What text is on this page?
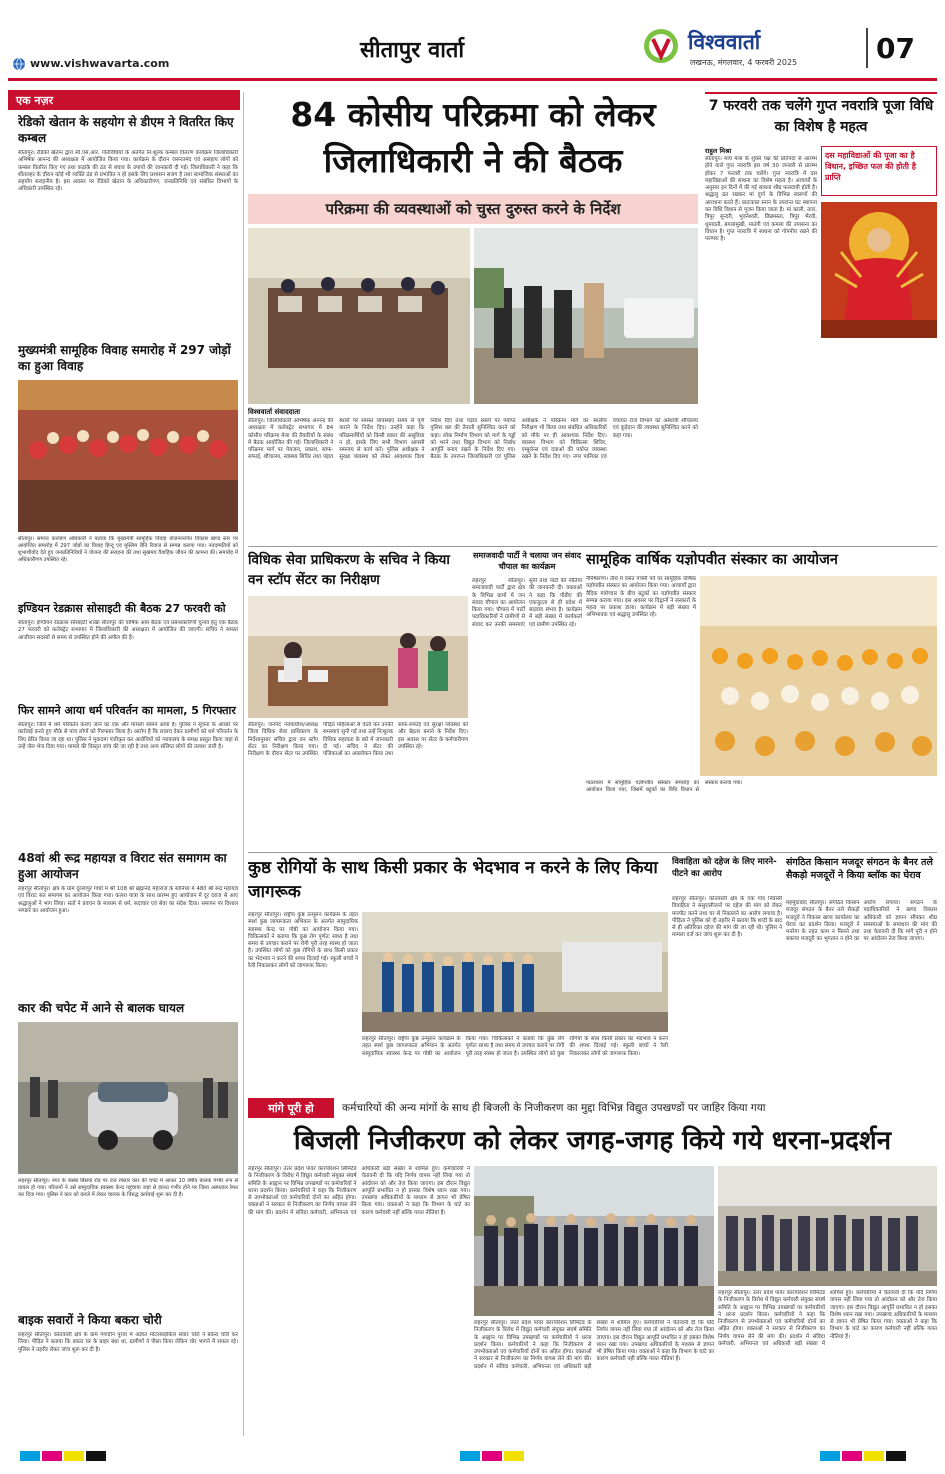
www.vishwavarta.com
सीतापुर वार्ता	विश्ववार्ता
लखनऊ, मंगलवार, 4 फरवरी 2025	07
एक नज़र
रेडिको खेतान के सहयोग से डीएम ने वितरित किए कम्बल
सीतापुर। रेडिको खेतान द्वारा सी.एस.आर. गतिविधियों के अंतर्गत नि:शुल्क कम्बल वितरण कार्यक्रम जिलाधिकारी अभिषेक आनन्द की अध्यक्षता में आयोजित किया गया। कार्यक्रम के दौरान जरूरतमंद एवं असहाय लोगों को कम्बल वितरित किए गए तथा कड़ाके की ठंड से बचाव के उपायों की जानकारी दी गई। जिलाधिकारी ने कहा कि शीतलहर के दौरान कोई भी व्यक्ति ठंड से प्रभावित न हो इसके लिए प्रशासन सजग है तथा सामाजिक संस्थाओं का सहयोग सराहनीय है। इस अवसर पर रेडिको खेतान के अधिकारीगण, जनप्रतिनिधि एवं संबंधित विभागों के अधिकारी उपस्थित रहे।
मुख्यमंत्री सामूहिक विवाह समारोह में 297 जोड़ों का हुआ विवाह
सीतापुर। समाज कल्याण अधिकारी ने बताया कि मुख्यमंत्री सामूहिक विवाह योजनान्तर्गत विकास खण्ड स्तर पर आयोजित समारोह में 297 जोड़ों का विवाह हिन्दू एवं मुस्लिम रीति रिवाज से सम्पन्न कराया गया। नवदम्पतियों को शुभाशीर्वाद देते हुए जनप्रतिनिधियों ने योजना की सराहना की तथा सुखमय वैवाहिक जीवन की कामना की। समारोह में अधिकारीगण उपस्थित रहे।
इण्डियन रेडक्रास सोसाइटी की बैठक 27 फरवरी को
सीतापुर। इण्डियन रेडक्रास सोसाइटी शाखा सीतापुर की वार्षिक आम बैठक एवं प्रबन्धकारिणी चुनाव हेतु एक बैठक 27 फरवरी को कलेक्ट्रेट सभागार में जिलाधिकारी की अध्यक्षता में आयोजित की जाएगी। सचिव ने समस्त आजीवन सदस्यों से समय से उपस्थित होने की अपील की है।
फिर सामने आया धर्म परिवर्तन का मामला, 5 गिरफ्तार
सीतापुर। जिले में धर्म परिवर्तन कराए जाने का एक और मामला सामने आया है। पुलिस ने सूचना के आधार पर कार्रवाई करते हुए मौके से पांच लोगों को गिरफ्तार किया है। आरोप है कि लालच देकर ग्रामीणों को धर्म परिवर्तन के लिए प्रेरित किया जा रहा था। पुलिस ने मुकदमा पंजीकृत कर आरोपियों को न्यायालय के समक्ष प्रस्तुत किया जहां से उन्हें जेल भेज दिया गया। मामले की विस्तृत जांच की जा रही है तथा अन्य संलिप्त लोगों की तलाश जारी है।
48वां श्री रूद्र महायज्ञ व विराट संत समागम का हुआ आयोजन
लहरपुर सीतापुर। क्षेत्र के ग्राम दुल्लापुर गांधी में श्री 108 श्री ब्रह्मानंद महाराज के सानिध्य में 48वें श्री रूद्र महायज्ञ एवं विराट संत समागम का आयोजन किया गया। कलश यात्रा के साथ प्रारम्भ हुए आयोजन में दूर दराज से आए श्रद्धालुओं ने भाग लिया। संतों ने प्रवचन के माध्यम से धर्म, सदाचार एवं सेवा का संदेश दिया। समापन पर विशाल भण्डारे का आयोजन हुआ।
कार की चपेट में आने से बालक घायल
लहरपुर सीतापुर। नगर के कस्बा बिसवां रोड पर तेज रफ्तार कार की चपेट में आकर 10 वर्षीय बालक गंभीर रूप से घायल हो गया। परिजनों ने उसे सामुदायिक स्वास्थ्य केन्द्र पहुंचाया जहां से हालत गंभीर होने पर जिला अस्पताल रेफर कर दिया गया। पुलिस ने कार को कब्जे में लेकर चालक के विरुद्ध कार्रवाई शुरू कर दी है।
बाइक सवारों ने किया बकरा चोरी
लहरपुर सीतापुर। कोतवाली क्षेत्र के ग्राम गंगादीन पुरवा में अज्ञात मोटरसाइकिल सवार चोरों ने बकरा चोरी कर लिया। पीड़ित ने बताया कि बकरा घर के बाहर बंधा था, ग्रामीणों ने पीछा किया लेकिन चोर भागने में सफल रहे। पुलिस ने तहरीर लेकर जांच शुरू कर दी है।
84 कोसीय परिक्रमा को लेकर जिलाधिकारी ने की बैठक
परिक्रमा की व्यवस्थाओं को चुस्त दुरुस्त करने के निर्देश
विश्ववार्ता संवाददाता
सीतापुर। जिलाधिकारी अभिषेक आनन्द की अध्यक्षता में कलेक्ट्रेट सभागार में 84 कोसीय परिक्रमा मेला की तैयारियों के संबंध में बैठक आयोजित की गई। जिलाधिकारी ने परिक्रमा मार्ग पर पेयजल, प्रकाश, साफ-सफाई, शौचालय, स्वास्थ्य शिविर तथा पड़ाव स्थलों पर समस्त व्यवस्थाएं समय से पूर्ण कराने के निर्देश दिए। उन्होंने कहा कि परिक्रमार्थियों को किसी प्रकार की असुविधा न हो, इसके लिए सभी विभाग आपसी समन्वय से कार्य करें। पुलिस अधीक्षक ने सुरक्षा व्यवस्था को लेकर आवश्यक दिशा निर्देश दिए तथा पड़ाव स्थलों पर पर्याप्त पुलिस बल की तैनाती सुनिश्चित करने को कहा। लोक निर्माण विभाग को मार्ग के गड्ढों को भरने तथा विद्युत विभाग को निर्बाध आपूर्ति बनाए रखने के निर्देश दिए गए। बैठक के उपरान्त जिलाधिकारी एवं पुलिस अधीक्षक ने परिक्रमा मार्ग का स्थलीय निरीक्षण भी किया तथा संबंधित अधिकारियों को मौके पर ही आवश्यक निर्देश दिए। स्वास्थ्य विभाग को चिकित्सा शिविर, एम्बुलेन्स एवं दवाओं की पर्याप्त व्यवस्था रखने के निर्देश दिए गए। नगर पालिका एवं पंचायत राज विभाग को अस्थायी शौचालय एवं कूड़ेदान की व्यवस्था सुनिश्चित करने को कहा गया।
7 फरवरी तक चलेंगे गुप्त नवरात्रि पूजा विधि का विशेष है महत्व
राहुल मिश्रा
सीतापुर। माघ मास के शुक्ल पक्ष की प्रतिपदा से आरम्भ होने वाले गुप्त नवरात्रि इस वर्ष 30 जनवरी से प्रारम्भ होकर 7 फरवरी तक चलेंगे। गुप्त नवरात्रि में दस महाविद्याओं की साधना का विशेष महत्व है। आचार्यों के अनुसार इन दिनों में की गई साधना शीघ्र फलदायी होती है। श्रद्धालु व्रत रखकर मां दुर्गा के विभिन्न स्वरूपों की आराधना करते हैं। प्रातःकाल स्नान के उपरान्त घट स्थापना कर विधि विधान से पूजन किया जाता है। मां काली, तारा, त्रिपुर सुन्दरी, भुवनेश्वरी, छिन्नमस्ता, त्रिपुर भैरवी, धूमावती, बगलामुखी, मातंगी एवं कमला की उपासना का विधान है। गुप्त नवरात्रि में साधना को गोपनीय रखने की परम्परा है।
दस महाविद्याओं की पूजा का है विधान, इच्छित फल की होती है प्राप्ति
विधिक सेवा प्राधिकरण के सचिव ने किया वन स्टॉप सेंटर का निरीक्षण
सीतापुर। जनपद न्यायाधीश/अध्यक्ष जिला विधिक सेवा प्राधिकरण के निर्देशानुसार सचिव द्वारा वन स्टॉप सेंटर का निरीक्षण किया गया। निरीक्षण के दौरान सेंटर पर उपस्थित पीड़ित महिलाओं से वार्ता कर उनकी समस्याएं सुनी गईं तथा उन्हें निःशुल्क विधिक सहायता के बारे में जानकारी दी गई। सचिव ने सेंटर की पंजिकाओं का अवलोकन किया तथा साफ-सफाई एवं सुरक्षा व्यवस्था को और बेहतर बनाने के निर्देश दिए। इस अवसर पर सेंटर के कर्मचारीगण उपस्थित रहे।
समाजवादी पार्टी ने चलाया जन संवाद चौपाल का कार्यक्रम
लहरपुर सीतापुर। समाजवादी पार्टी द्वारा क्षेत्र के विभिन्न ग्रामों में जन संवाद चौपाल का आयोजन किया गया। चौपाल में पार्टी पदाधिकारियों ने ग्रामीणों से संवाद कर उनकी समस्याएं सुनीं तथा पार्टी की नीतियों की जानकारी दी। वक्ताओं ने कहा कि पीडीए की एकजुटता से ही प्रदेश में बदलाव संभव है। कार्यक्रम में बड़ी संख्या में कार्यकर्ता एवं ग्रामीण उपस्थित रहे।
सामूहिक वार्षिक यज्ञोपवीत संस्कार का आयोजन
नैमिषारण्य। तीर्थ में वसंत पंचमी पर्व पर सामूहिक वार्षिक यज्ञोपवीत संस्कार का आयोजन किया गया। आचार्यों द्वारा वैदिक मंत्रोच्चार के बीच बटुकों का यज्ञोपवीत संस्कार सम्पन्न कराया गया। इस अवसर पर विद्वानों ने संस्कारों के महत्व पर प्रकाश डाला। कार्यक्रम में बड़ी संख्या में अभिभावक एवं श्रद्धालु उपस्थित रहे।
पाठशाला में सामूहिक यज्ञोपवीत संस्कार समारोह का आयोजन किया गया, जिसमें बटुकों का विधि विधान से संस्कार कराया गया।
कुष्ठ रोगियों के साथ किसी प्रकार के भेदभाव न करने के लिए किया जागरूक
लहरपुर सीतापुर। राष्ट्रीय कुष्ठ उन्मूलन कार्यक्रम के तहत स्पर्श कुष्ठ जागरूकता अभियान के अंतर्गत सामुदायिक स्वास्थ्य केन्द्र पर गोष्ठी का आयोजन किया गया। चिकित्सकों ने बताया कि कुष्ठ रोग पूर्णतः साध्य है तथा समय से उपचार कराने पर रोगी पूरी तरह स्वस्थ हो जाता है। उपस्थित लोगों को कुष्ठ रोगियों के साथ किसी प्रकार का भेदभाव न करने की शपथ दिलाई गई। स्कूली बच्चों ने रैली निकालकर लोगों को जागरूक किया।
लहरपुर सीतापुर। राष्ट्रीय कुष्ठ उन्मूलन कार्यक्रम के तहत स्पर्श कुष्ठ जागरूकता अभियान के अंतर्गत सामुदायिक स्वास्थ्य केन्द्र पर गोष्ठी का आयोजन किया गया। चिकित्सकों ने बताया कि कुष्ठ रोग पूर्णतः साध्य है तथा समय से उपचार कराने पर रोगी पूरी तरह स्वस्थ हो जाता है। उपस्थित लोगों को कुष्ठ रोगियों के साथ किसी प्रकार का भेदभाव न करने की शपथ दिलाई गई। स्कूली बच्चों ने रैली निकालकर लोगों को जागरूक किया।
विवाहिता को दहेज के लिए मारने-पीटने का आरोप
लहरपुर सीतापुर। कोतवाली क्षेत्र के एक गांव निवासी विवाहिता ने ससुरालीजनों पर दहेज की मांग को लेकर मारपीट करने तथा घर से निकालने का आरोप लगाया है। पीड़िता ने पुलिस को दी तहरीर में बताया कि शादी के बाद से ही अतिरिक्त दहेज की मांग की जा रही थी। पुलिस ने मामला दर्ज कर जांच शुरू कर दी है।
संगठित किसान मजदूर संगठन के बैनर तले सैकड़ो मजदूरों ने किया ब्लॉक का घेराव
महमूदाबाद सीतापुर। संगठित किसान मजदूर संगठन के बैनर तले सैकड़ों मजदूरों ने विकास खण्ड कार्यालय का घेराव कर प्रदर्शन किया। मजदूरों ने मनरेगा के तहत काम न मिलने तथा बकाया मजदूरी का भुगतान न होने का आरोप लगाया। संगठन के पदाधिकारियों ने खण्ड विकास अधिकारी को ज्ञापन सौंपकर शीघ्र समस्याओं के समाधान की मांग की तथा चेतावनी दी कि मांगें पूरी न होने पर आंदोलन तेज किया जाएगा।
मांगे पूरी हो	कर्मचारियों की अन्य मांगों के साथ ही बिजली के निजीकरण का मुद्दा विभिन्न विद्युत उपखण्डों पर जाहिर किया गया
बिजली निजीकरण को लेकर जगह-जगह किये गये धरना-प्रदर्शन
लहरपुर सीतापुर। उत्तर प्रदेश पावर कारपोरेशन लिमिटेड के निजीकरण के विरोध में विद्युत कर्मचारी संयुक्त संघर्ष समिति के आह्वान पर विभिन्न उपखण्डों पर कर्मचारियों ने धरना प्रदर्शन किया। कर्मचारियों ने कहा कि निजीकरण से उपभोक्ताओं एवं कर्मचारियों दोनों का अहित होगा। वक्ताओं ने सरकार से निजीकरण का निर्णय वापस लेने की मांग की। प्रदर्शन में संविदा कर्मचारी, अभियन्ता एवं अधिकारी बड़ी संख्या में शामिल हुए। कर्मचारियों ने चेतावनी दी कि यदि निर्णय वापस नहीं लिया गया तो आंदोलन को और तेज किया जाएगा। इस दौरान विद्युत आपूर्ति प्रभावित न हो इसका विशेष ध्यान रखा गया। उपखण्ड अधिकारियों के माध्यम से ज्ञापन भी प्रेषित किया गया। वक्ताओं ने कहा कि विभाग के घाटे का कारण कर्मचारी नहीं बल्कि गलत नीतियां हैं।
लहरपुर सीतापुर। उत्तर प्रदेश पावर कारपोरेशन लिमिटेड के निजीकरण के विरोध में विद्युत कर्मचारी संयुक्त संघर्ष समिति के आह्वान पर विभिन्न उपखण्डों पर कर्मचारियों ने धरना प्रदर्शन किया। कर्मचारियों ने कहा कि निजीकरण से उपभोक्ताओं एवं कर्मचारियों दोनों का अहित होगा। वक्ताओं ने सरकार से निजीकरण का निर्णय वापस लेने की मांग की। प्रदर्शन में संविदा कर्मचारी, अभियन्ता एवं अधिकारी बड़ी संख्या में शामिल हुए। कर्मचारियों ने चेतावनी दी कि यदि निर्णय वापस नहीं लिया गया तो आंदोलन को और तेज किया जाएगा। इस दौरान विद्युत आपूर्ति प्रभावित न हो इसका विशेष ध्यान रखा गया। उपखण्ड अधिकारियों के माध्यम से ज्ञापन भी प्रेषित किया गया। वक्ताओं ने कहा कि विभाग के घाटे का कारण कर्मचारी नहीं बल्कि गलत नीतियां हैं।
लहरपुर सीतापुर। उत्तर प्रदेश पावर कारपोरेशन लिमिटेड के निजीकरण के विरोध में विद्युत कर्मचारी संयुक्त संघर्ष समिति के आह्वान पर विभिन्न उपखण्डों पर कर्मचारियों ने धरना प्रदर्शन किया। कर्मचारियों ने कहा कि निजीकरण से उपभोक्ताओं एवं कर्मचारियों दोनों का अहित होगा। वक्ताओं ने सरकार से निजीकरण का निर्णय वापस लेने की मांग की। प्रदर्शन में संविदा कर्मचारी, अभियन्ता एवं अधिकारी बड़ी संख्या में शामिल हुए। कर्मचारियों ने चेतावनी दी कि यदि निर्णय वापस नहीं लिया गया तो आंदोलन को और तेज किया जाएगा। इस दौरान विद्युत आपूर्ति प्रभावित न हो इसका विशेष ध्यान रखा गया। उपखण्ड अधिकारियों के माध्यम से ज्ञापन भी प्रेषित किया गया। वक्ताओं ने कहा कि विभाग के घाटे का कारण कर्मचारी नहीं बल्कि गलत नीतियां हैं।
